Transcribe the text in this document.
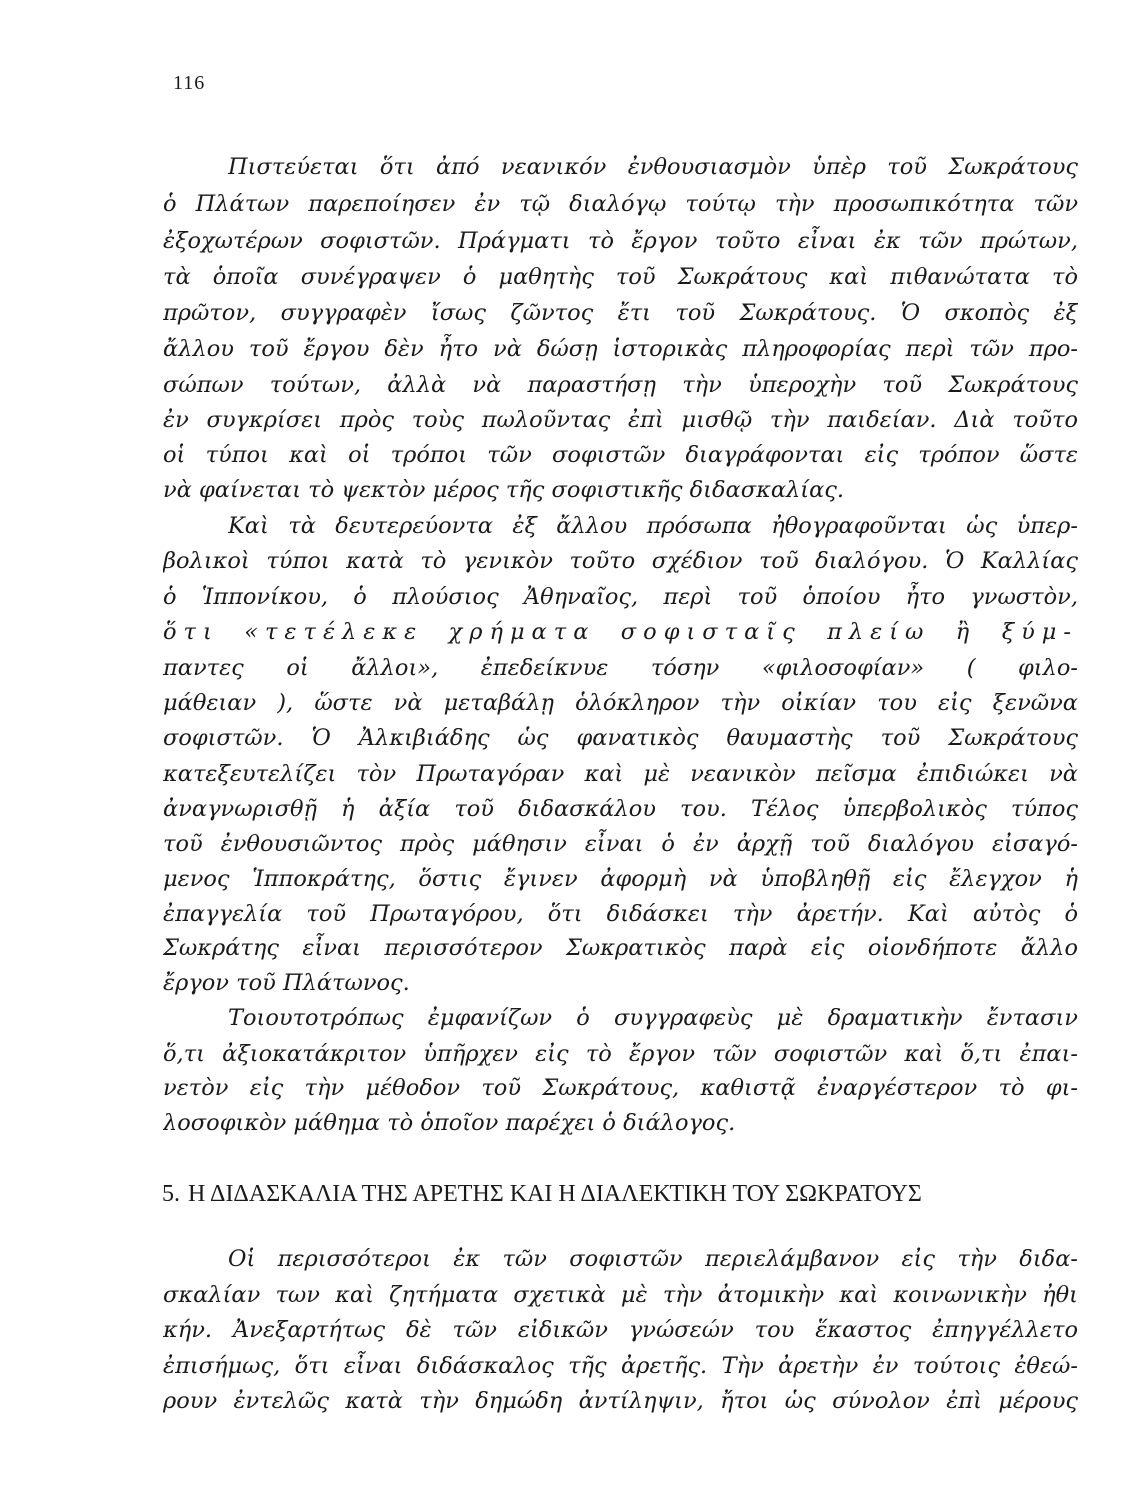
116
Πιστεύεται ὅτι ἀπό νεανικόν ἐνθουσιασμὸν ὑπὲρ τοῦ Σωκράτους
ὁ Πλάτων παρεποίησεν ἐν τῷ διαλόγῳ τούτῳ τὴν προσωπικότητα τῶν
ἐξοχωτέρων σοφιστῶν. Πράγματι τὸ ἔργον τοῦτο εἶναι ἐκ τῶν πρώτων,
τὰ ὁποῖα συνέγραψεν ὁ μαθητὴς τοῦ Σωκράτους καὶ πιθανώτατα τὸ
πρῶτον, συγγραφὲν ἴσως ζῶντος ἔτι τοῦ Σωκράτους. Ὁ σκοπὸς ἐξ
ἄλλου τοῦ ἔργου δὲν ἦτο νὰ δώσῃ ἱστορικὰς πληροφορίας περὶ τῶν προ-
σώπων τούτων, ἀλλὰ νὰ παραστήσῃ τὴν ὑπεροχὴν τοῦ Σωκράτους
ἐν συγκρίσει πρὸς τοὺς πωλοῦντας ἐπὶ μισθῷ τὴν παιδείαν. Διὰ τοῦτο
οἱ τύποι καὶ οἱ τρόποι τῶν σοφιστῶν διαγράφονται εἰς τρόπον ὥστε
νὰ φαίνεται τὸ ψεκτὸν μέρος τῆς σοφιστικῆς διδασκαλίας.
Καὶ τὰ δευτερεύοντα ἐξ ἄλλου πρόσωπα ἠθογραφοῦνται ὡς ὑπερ-
βολικοὶ τύποι κατὰ τὸ γενικὸν τοῦτο σχέδιον τοῦ διαλόγου. Ὁ Καλλίας
ὁ Ἱππονίκου, ὁ πλούσιος Ἀθηναῖος, περὶ τοῦ ὁποίου ἦτο γνωστὸν,
ὅτι «τετέλεκε χρήματα σοφισταῖς πλείω ἢ ξύμ-
παντες οἱ ἄλλοι», ἐπεδείκνυε τόσην «φιλοσοφίαν» ( φιλο-
μάθειαν ), ὥστε νὰ μεταβάλῃ ὁλόκληρον τὴν οἰκίαν του εἰς ξενῶνα
σοφιστῶν. Ὁ Ἀλκιβιάδης ὡς φανατικὸς θαυμαστὴς τοῦ Σωκράτους
κατεξευτελίζει τὸν Πρωταγόραν καὶ μὲ νεανικὸν πεῖσμα ἐπιδιώκει νὰ
ἀναγνωρισθῇ ἡ ἀξία τοῦ διδασκάλου του. Τέλος ὑπερβολικὸς τύπος
τοῦ ἐνθουσιῶντος πρὸς μάθησιν εἶναι ὁ ἐν ἀρχῇ τοῦ διαλόγου εἰσαγό-
μενος Ἱπποκράτης, ὅστις ἔγινεν ἀφορμὴ νὰ ὑποβληθῇ εἰς ἔλεγχον ἡ
ἐπαγγελία τοῦ Πρωταγόρου, ὅτι διδάσκει τὴν ἀρετήν. Καὶ αὐτὸς ὁ
Σωκράτης εἶναι περισσότερον Σωκρατικὸς παρὰ εἰς οἱονδήποτε ἄλλο
ἔργον τοῦ Πλάτωνος.
Τοιουτοτρόπως ἐμφανίζων ὁ συγγραφεὺς μὲ δραματικὴν ἔντασιν
ὅ,τι ἀξιοκατάκριτον ὑπῆρχεν εἰς τὸ ἔργον τῶν σοφιστῶν καὶ ὅ,τι ἐπαι-
νετὸν εἰς τὴν μέθοδον τοῦ Σωκράτους, καθιστᾷ ἐναργέστερον τὸ φι-
λοσοφικὸν μάθημα τὸ ὁποῖον παρέχει ὁ διάλογος.
5. Η ΔΙΔΑΣΚΑΛΙΑ ΤΗΣ ΑΡΕΤΗΣ ΚΑΙ Η ΔΙΑΛΕΚΤΙΚΗ ΤΟΥ ΣΩΚΡΑΤΟΥΣ
Οἱ περισσότεροι ἐκ τῶν σοφιστῶν περιελάμβανον εἰς τὴν διδα-
σκαλίαν των καὶ ζητήματα σχετικὰ μὲ τὴν ἀτομικὴν καὶ κοινωνικὴν ἠθι
κήν. Ἀνεξαρτήτως δὲ τῶν εἰδικῶν γνώσεών του ἕκαστος ἐπηγγέλλετο
ἐπισήμως, ὅτι εἶναι διδάσκαλος τῆς ἀρετῆς. Τὴν ἀρετὴν ἐν τούτοις ἐθεώ-
ρουν ἐντελῶς κατὰ τὴν δημώδη ἀντίληψιν, ἤτοι ὡς σύνολον ἐπὶ μέρους
